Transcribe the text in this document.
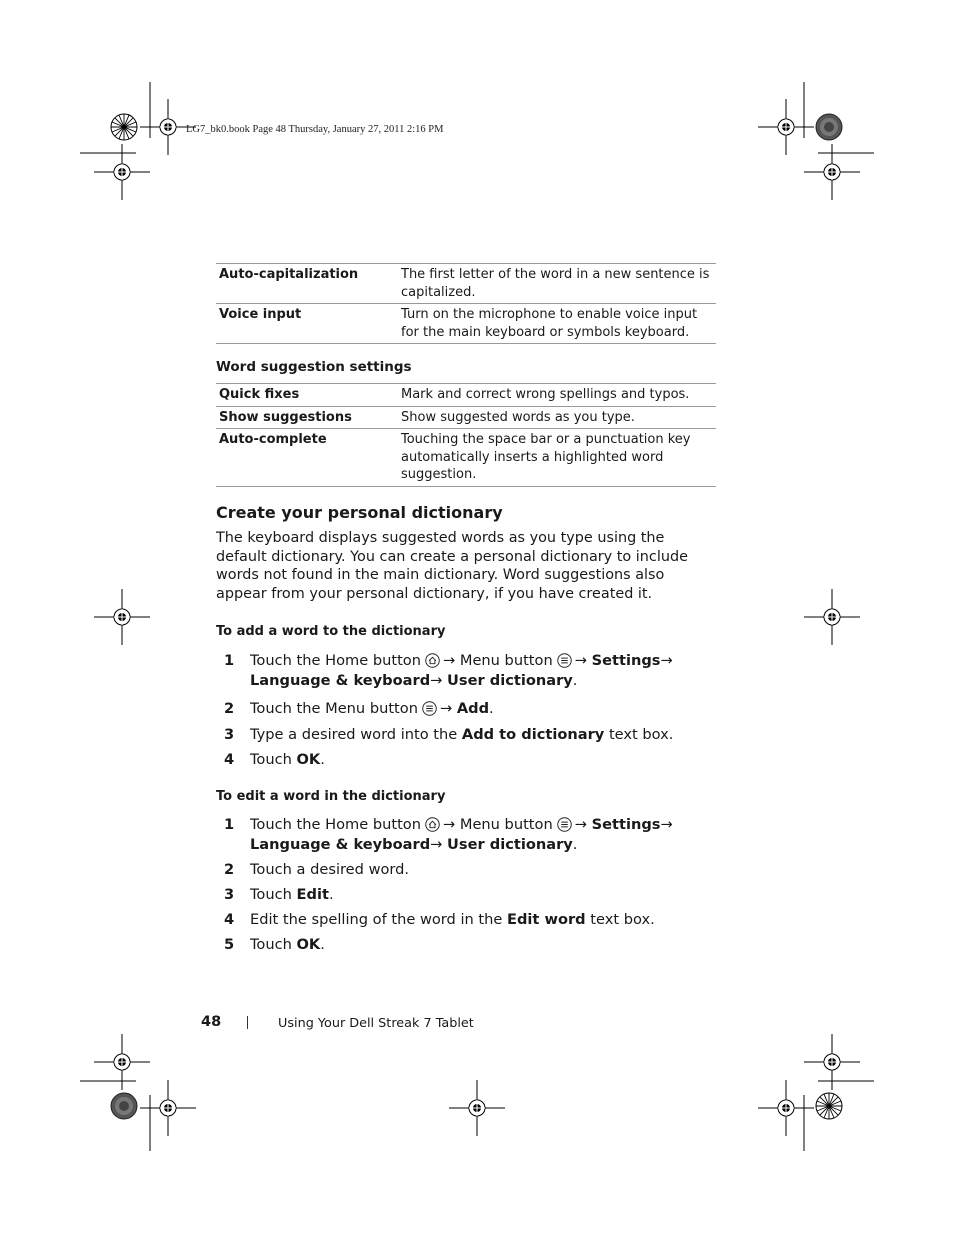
LG7_bk0.book Page 48 Thursday, January 27, 2011 2:16 PM
Auto-capitalization	The first letter of the word in a new sentence is capitalized.
Voice input	Turn on the microphone to enable voice input for the main keyboard or symbols keyboard.
Word suggestion settings
Quick fixes	Mark and correct wrong spellings and typos.
Show suggestions	Show suggested words as you type.
Auto-complete	Touching the space bar or a punctuation key automatically inserts a highlighted word suggestion.
Create your personal dictionary
The keyboard displays suggested words as you type using the default dictionary. You can create a personal dictionary to include words not found in the main dictionary. Word suggestions also appear from your personal dictionary, if you have created it.
To add a word to the dictionary
1 Touch the Home button → Menu button → Settings→ Language & keyboard→ User dictionary.
2 Touch the Menu button → Add.
3 Type a desired word into the Add to dictionary text box.
4 Touch OK.
To edit a word in the dictionary
1 Touch the Home button → Menu button → Settings→ Language & keyboard→ User dictionary.
2 Touch a desired word.
3 Touch Edit.
4 Edit the spelling of the word in the Edit word text box.
5 Touch OK.
48	Using Your Dell Streak 7 Tablet
